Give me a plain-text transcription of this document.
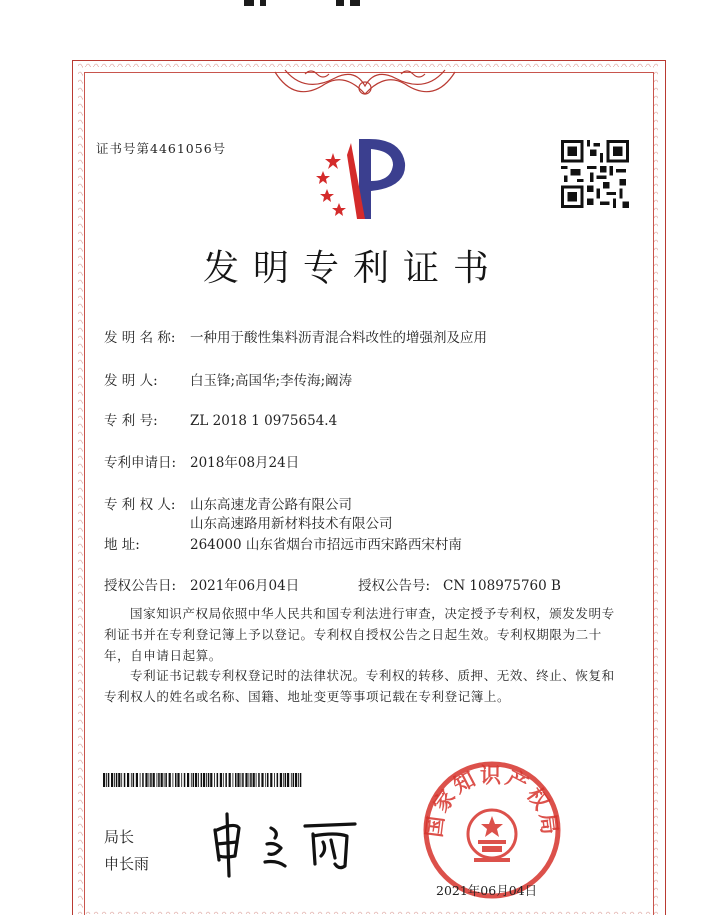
证书号第4461056号
发明专利证书
发 明 名 称: 一种用于酸性集料沥青混合料改性的增强剂及应用
发 明 人: 白玉锋;高国华;李传海;阚涛
专 利 号: ZL 2018 1 0975654.4
专利申请日: 2018年08月24日
专 利 权 人: 山东高速龙青公路有限公司
山东高速路用新材料技术有限公司
地 址:	264000 山东省烟台市招远市西宋路西宋村南
授权公告日: 2021年06月04日	授权公告号: CN 108975760 B
国家知识产权局依照中华人民共和国专利法进行审查，决定授予专利权，颁发发明专利证书并在专利登记簿上予以登记。专利权自授权公告之日起生效。专利权期限为二十年，自申请日起算。
专利证书记载专利权登记时的法律状况。专利权的转移、质押、无效、终止、恢复和专利权人的姓名或名称、国籍、地址变更等事项记载在专利登记簿上。
局长
申长雨
国家知识产权局
2021年06月04日
